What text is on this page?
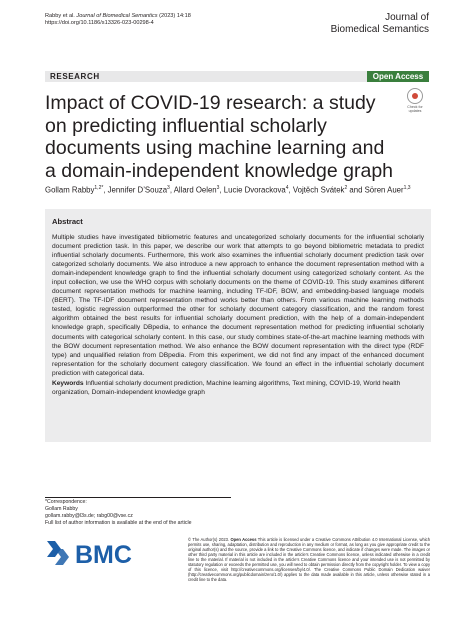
Rabby et al. Journal of Biomedical Semantics (2023) 14:18
https://doi.org/10.1186/s13326-023-00298-4
Journal of
Biomedical Semantics
RESEARCH	Open Access
Check for
updates
Impact of COVID-19 research: a study on predicting influential scholarly documents using machine learning and a domain-independent knowledge graph
Gollam Rabby$^{1,2*}$, Jennifer D’Souza$^3$, Allard Oelen$^3$, Lucie Dvorackova$^4$, Vojtěch Svátek$^2$ and Sören Auer$^{1,3}$
Abstract

Multiple studies have investigated bibliometric features and uncategorized scholarly documents for the influential scholarly document prediction task. In this paper, we describe our work that attempts to go beyond bibliometric metadata to predict influential scholarly documents. Furthermore, this work also examines the influential scholarly document prediction task over categorized scholarly documents. We also introduce a new approach to enhance the document representation method with a domain-independent knowledge graph to find the influential scholarly document using categorized scholarly content. As the input collection, we use the WHO corpus with scholarly documents on the theme of COVID-19. This study examines different document representation methods for machine learning, including TF-IDF, BOW, and embedding-based language models (BERT). The TF-IDF document representation method works better than others. From various machine learning methods tested, logistic regression outperformed the other for scholarly document category classification, and the random forest algorithm obtained the best results for influential scholarly document prediction, with the help of a domain-independent knowledge graph, specifically DBpedia, to enhance the document representation method for predicting influential scholarly documents with categorical scholarly content. In this case, our study combines state-of-the-art machine learning methods with the BOW document representation method. We also enhance the BOW document representation with the direct type (RDF type) and unqualified relation from DBpedia. From this experiment, we did not find any impact of the enhanced document representation for the scholarly document category classification. We found an effect in the influential scholarly document prediction with categorical data.

Keywords Influential scholarly document prediction, Machine learning algorithms, Text mining, COVID-19, World health organization, Domain-independent knowledge graph

*Correspondence:
Gollam Rabby
gollam.rabby@l3s.de; rabg00@vse.cz
Full list of author information is available at the end of the article
BMC
© The Author(s) 2023. Open Access This article is licensed under a Creative Commons Attribution 4.0 International License, which permits use, sharing, adaptation, distribution and reproduction in any medium or format, as long as you give appropriate credit to the original author(s) and the source, provide a link to the Creative Commons licence, and indicate if changes were made. The images or other third party material in this article are included in the article’s Creative Commons licence, unless indicated otherwise in a credit line to the material. If material is not included in the article’s Creative Commons licence and your intended use is not permitted by statutory regulation or exceeds the permitted use, you will need to obtain permission directly from the copyright holder. To view a copy of this licence, visit http://creativecommons.org/licenses/by/4.0/. The Creative Commons Public Domain Dedication waiver (http://creativecommons.org/publicdomain/zero/1.0/) applies to the data made available in this article, unless otherwise stated in a credit line to the data.
